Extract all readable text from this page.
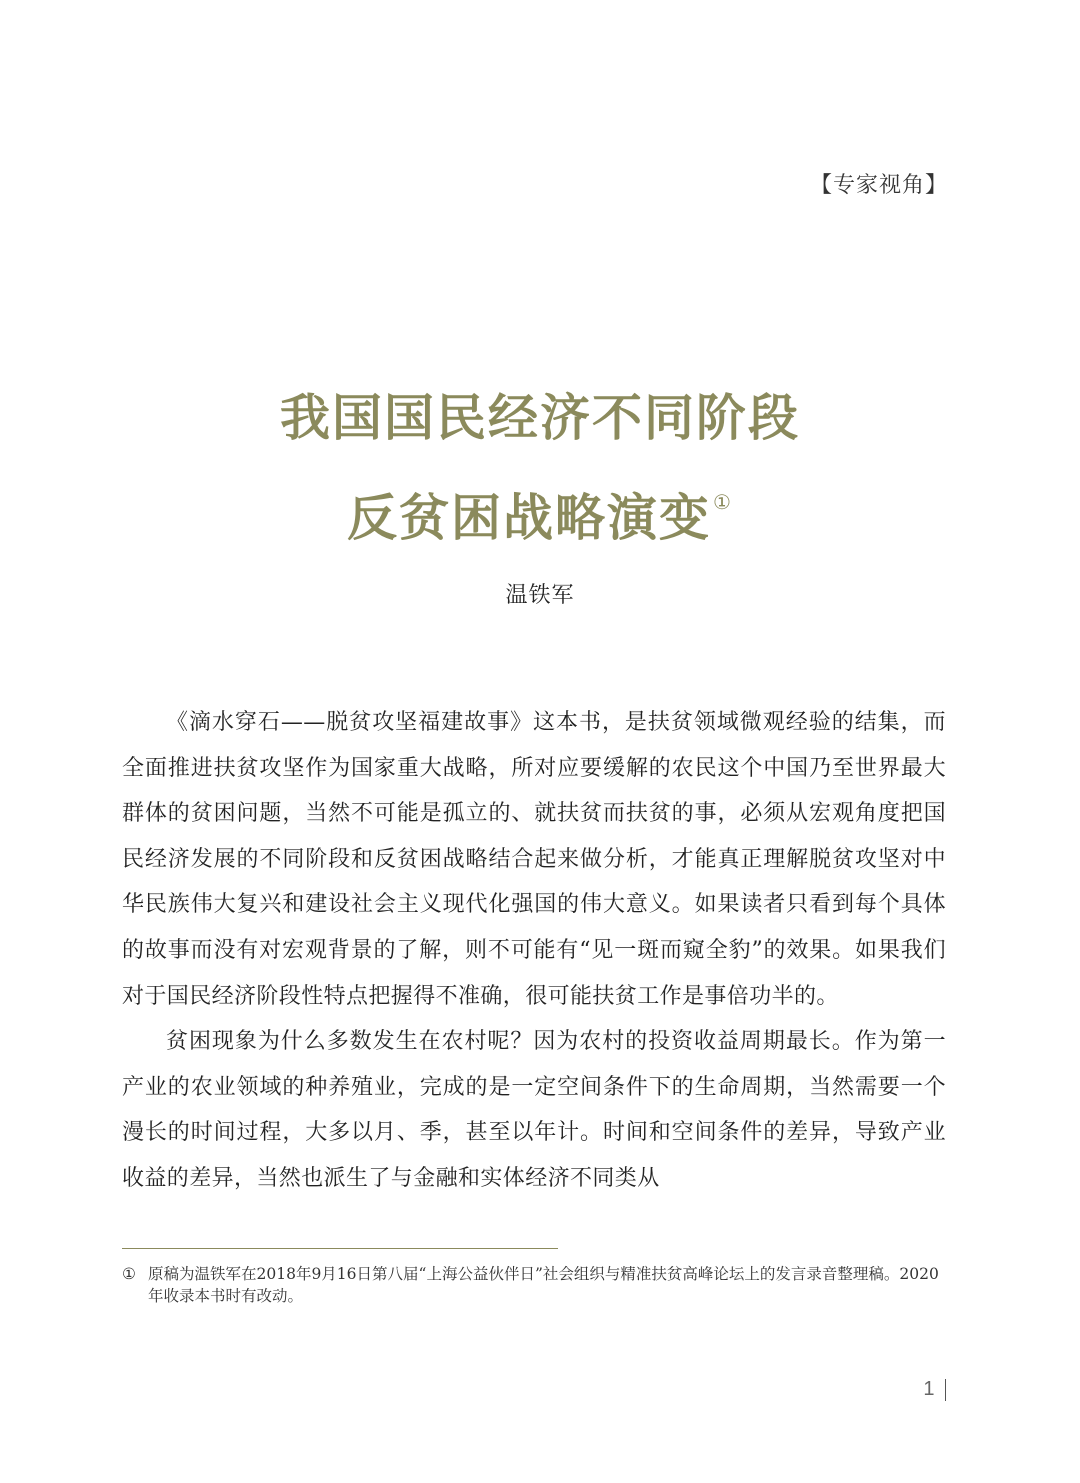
【专家视角】
我国国民经济不同阶段
反贫困战略演变 ①
温铁军

《滴水穿石——脱贫攻坚福建故事》这本书，是扶贫领域微观经验的结集，而全面推进扶贫攻坚作为国家重大战略，所对应要缓解的农民这个中国乃至世界最大群体的贫困问题，当然不可能是孤立的、就扶贫而扶贫的事，必须从宏观角度把国民经济发展的不同阶段和反贫困战略结合起来做分析，才能真正理解脱贫攻坚对中华民族伟大复兴和建设社会主义现代化强国的伟大意义。如果读者只看到每个具体的故事而没有对宏观背景的了解，则不可能有“见一斑而窥全豹”的效果。如果我们对于国民经济阶段性特点把握得不准确，很可能扶贫工作是事倍功半的。

贫困现象为什么多数发生在农村呢？因为农村的投资收益周期最长。作为第一产业的农业领域的种养殖业，完成的是一定空间条件下的生命周期，当然需要一个漫长的时间过程，大多以月、季，甚至以年计。时间和空间条件的差异，导致产业收益的差异，当然也派生了与金融和实体经济不同类从

① 原稿为温铁军在2018年9月16日第八届“上海公益伙伴日”社会组织与精准扶贫高峰论坛上的发言录音整理稿。2020年收录本书时有改动。
1
